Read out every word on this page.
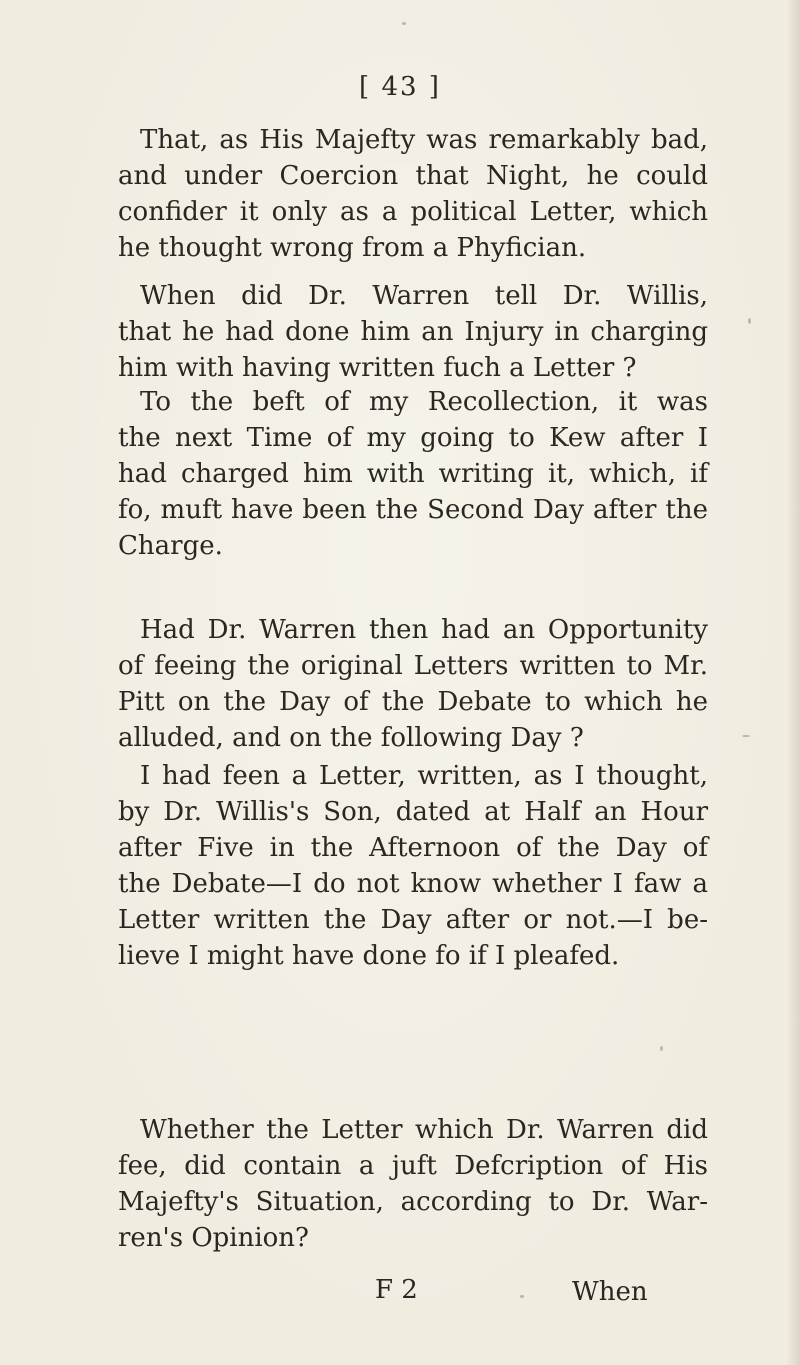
[ 43 ]
That, as His Majefty was remarkably bad,
and under Coercion that Night, he could
confider it only as a political Letter, which
he thought wrong from a Phyfician.
When did Dr. Warren tell Dr. Willis,
that he had done him an Injury in charging
him with having written fuch a Letter ?
To the beft of my Recollection, it was
the next Time of my going to Kew after I
had charged him with writing it, which, if
fo, muft have been the Second Day after the
Charge.
Had Dr. Warren then had an Opportunity
of feeing the original Letters written to Mr.
Pitt on the Day of the Debate to which he
alluded, and on the following Day ?
I had feen a Letter, written, as I thought,
by Dr. Willis's Son, dated at Half an Hour
after Five in the Afternoon of the Day of
the Debate—I do not know whether I faw a
Letter written the Day after or not.—I be-
lieve I might have done fo if I pleafed.
Whether the Letter which Dr. Warren did
fee, did contain a juft Defcription of His
Majefty's Situation, according to Dr. War-
ren's Opinion?
F 2	When
